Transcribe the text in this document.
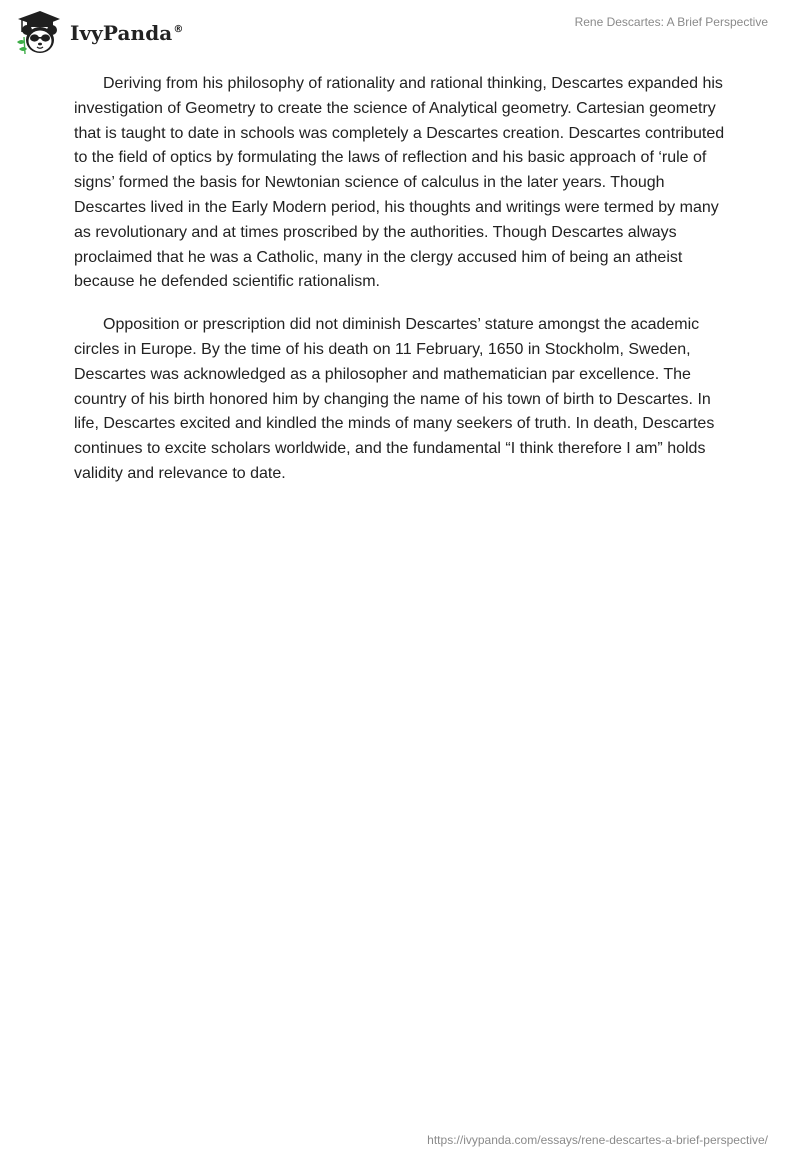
IvyPanda®
Rene Descartes: A Brief Perspective

Deriving from his philosophy of rationality and rational thinking, Descartes expanded his investigation of Geometry to create the science of Analytical geometry. Cartesian geometry that is taught to date in schools was completely a Descartes creation. Descartes contributed to the field of optics by formulating the laws of reflection and his basic approach of ‘rule of signs’ formed the basis for Newtonian science of calculus in the later years. Though Descartes lived in the Early Modern period, his thoughts and writings were termed by many as revolutionary and at times proscribed by the authorities. Though Descartes always proclaimed that he was a Catholic, many in the clergy accused him of being an atheist because he defended scientific rationalism.

Opposition or prescription did not diminish Descartes’ stature amongst the academic circles in Europe. By the time of his death on 11 February, 1650 in Stockholm, Sweden, Descartes was acknowledged as a philosopher and mathematician par excellence. The country of his birth honored him by changing the name of his town of birth to Descartes. In life, Descartes excited and kindled the minds of many seekers of truth. In death, Descartes continues to excite scholars worldwide, and the fundamental “I think therefore I am” holds validity and relevance to date.

https://ivypanda.com/essays/rene-descartes-a-brief-perspective/
